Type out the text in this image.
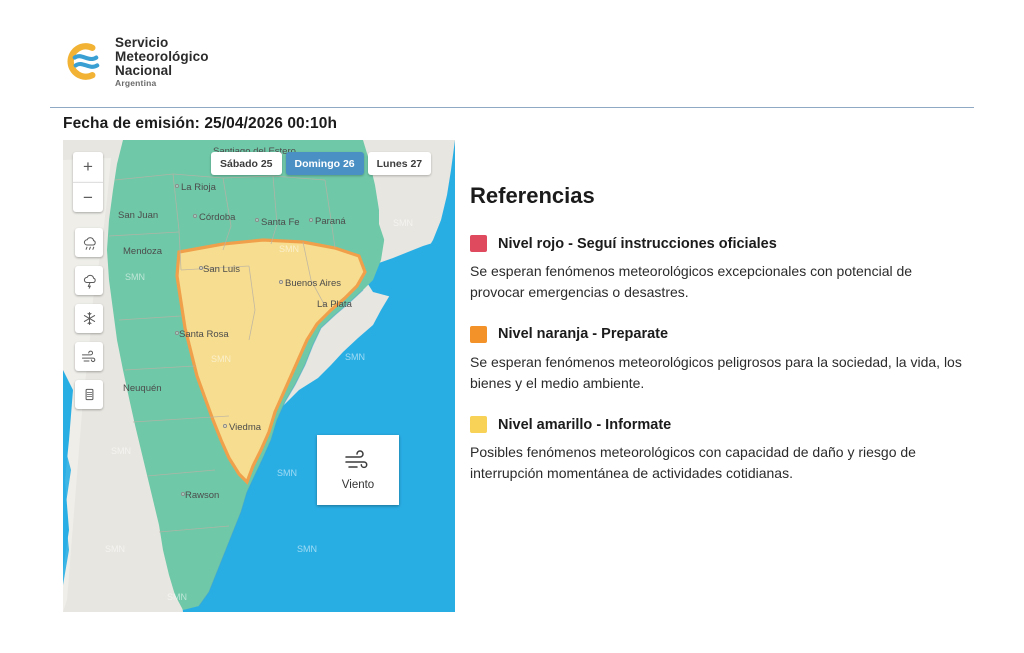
Servicio
Meteorológico
Nacional
Argentina
Fecha de emisión: 25/04/2026 00:10h
SMN
SMN
SMN
SMN	SMN
SMN
SMN
SMN	SMN
SMN
La Rioja
Estero
San Juan	Córdoba	Santa Fe Paraná
Mendoza
San Luis
Buenos Aires
La Plata
Santa Rosa
Neuquén
Viedma
Rawson
+
−
Sábado 25	Domingo 26	Lunes 27
Viento
Referencias
Nivel rojo - Seguí instrucciones oficiales
Se esperan fenómenos meteorológicos excepcionales con potencial de provocar emergencias o desastres.
Nivel naranja - Preparate
Se esperan fenómenos meteorológicos peligrosos para la sociedad, la vida, los bienes y el medio ambiente.
Nivel amarillo - Informate
Posibles fenómenos meteorológicos con capacidad de daño y riesgo de interrupción momentánea de actividades cotidianas.
